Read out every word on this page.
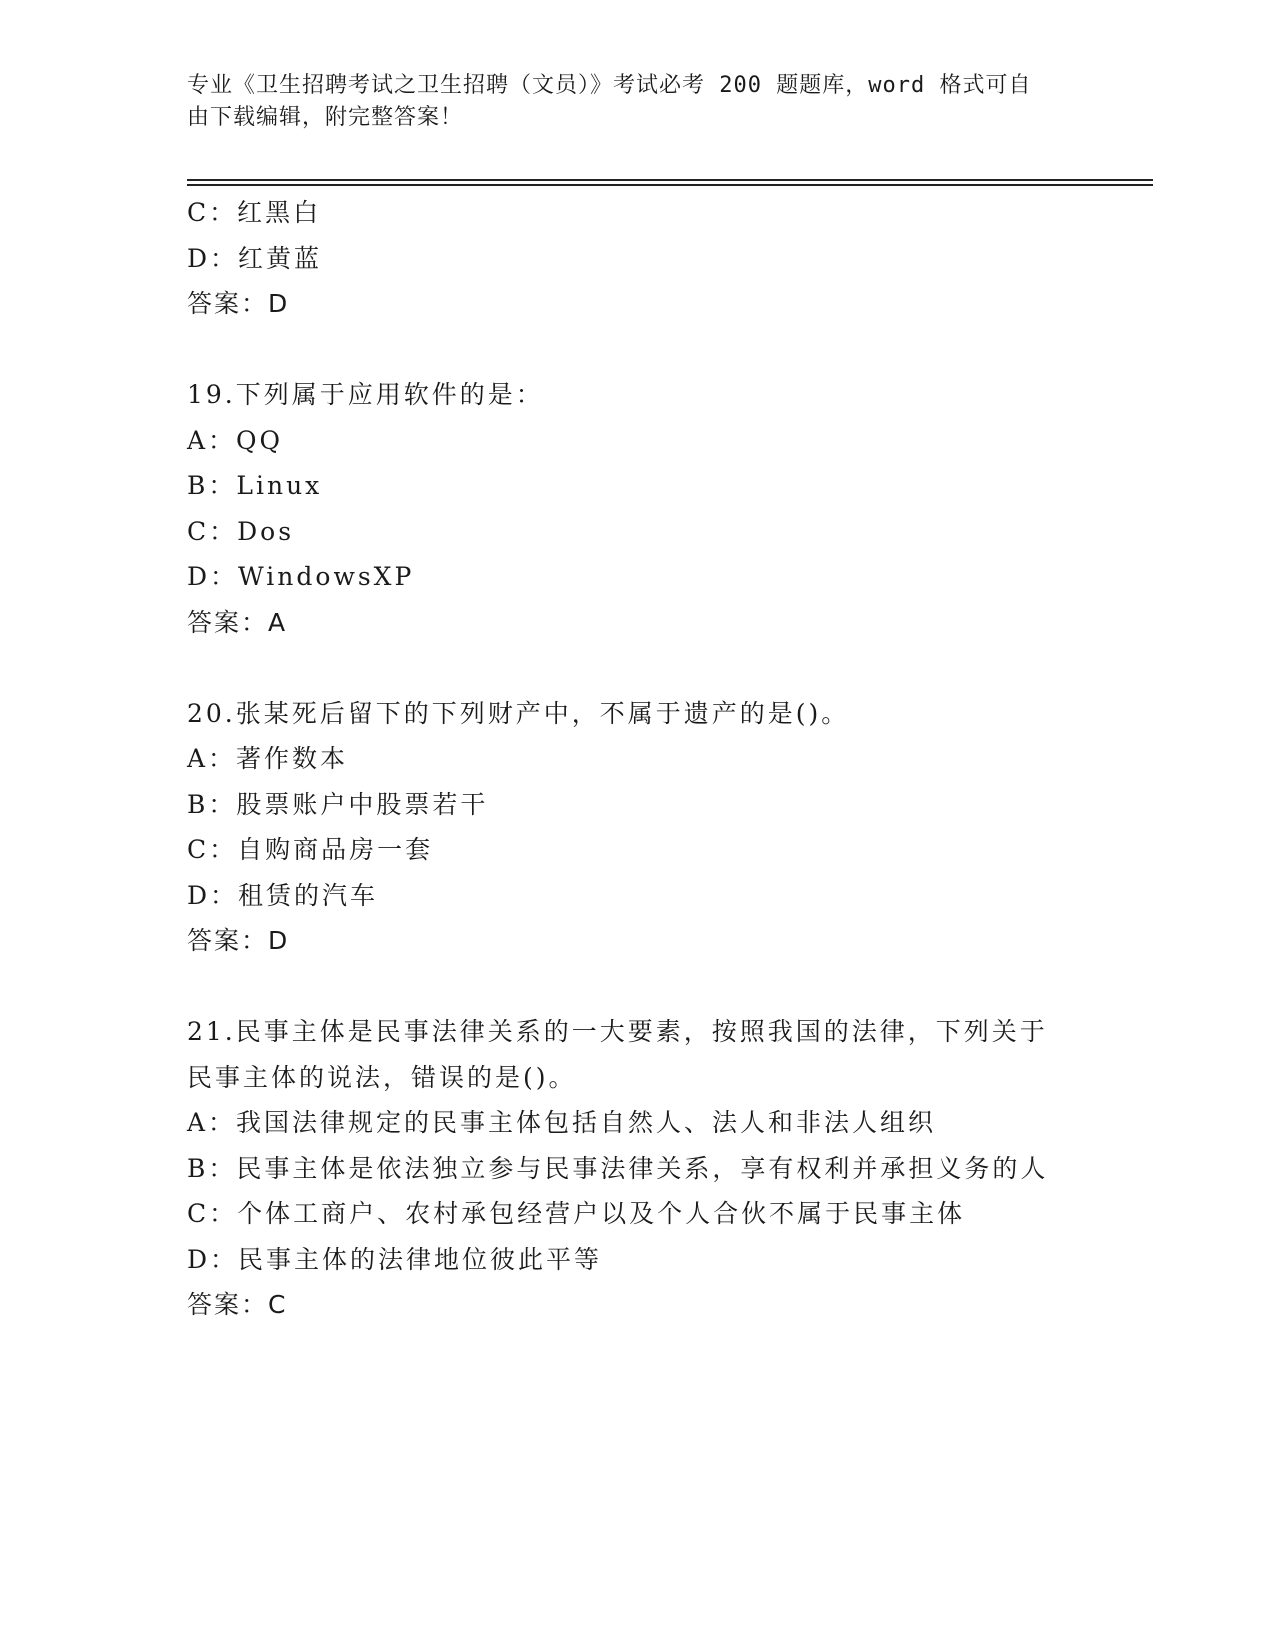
专业《卫生招聘考试之卫生招聘（文员）》考试必考 200 题题库，word 格式可自
由下载编辑，附完整答案！
C：红黑白
D：红黄蓝
答案：D
19.下列属于应用软件的是：
A：QQ
B：Linux
C：Dos
D：WindowsXP
答案：A
20.张某死后留下的下列财产中，不属于遗产的是()。
A：著作数本
B：股票账户中股票若干
C：自购商品房一套
D：租赁的汽车
答案：D
21.民事主体是民事法律关系的一大要素，按照我国的法律，下列关于
民事主体的说法，错误的是()。
A：我国法律规定的民事主体包括自然人、法人和非法人组织
B：民事主体是依法独立参与民事法律关系，享有权利并承担义务的人
C：个体工商户、农村承包经营户以及个人合伙不属于民事主体
D：民事主体的法律地位彼此平等
答案：C
